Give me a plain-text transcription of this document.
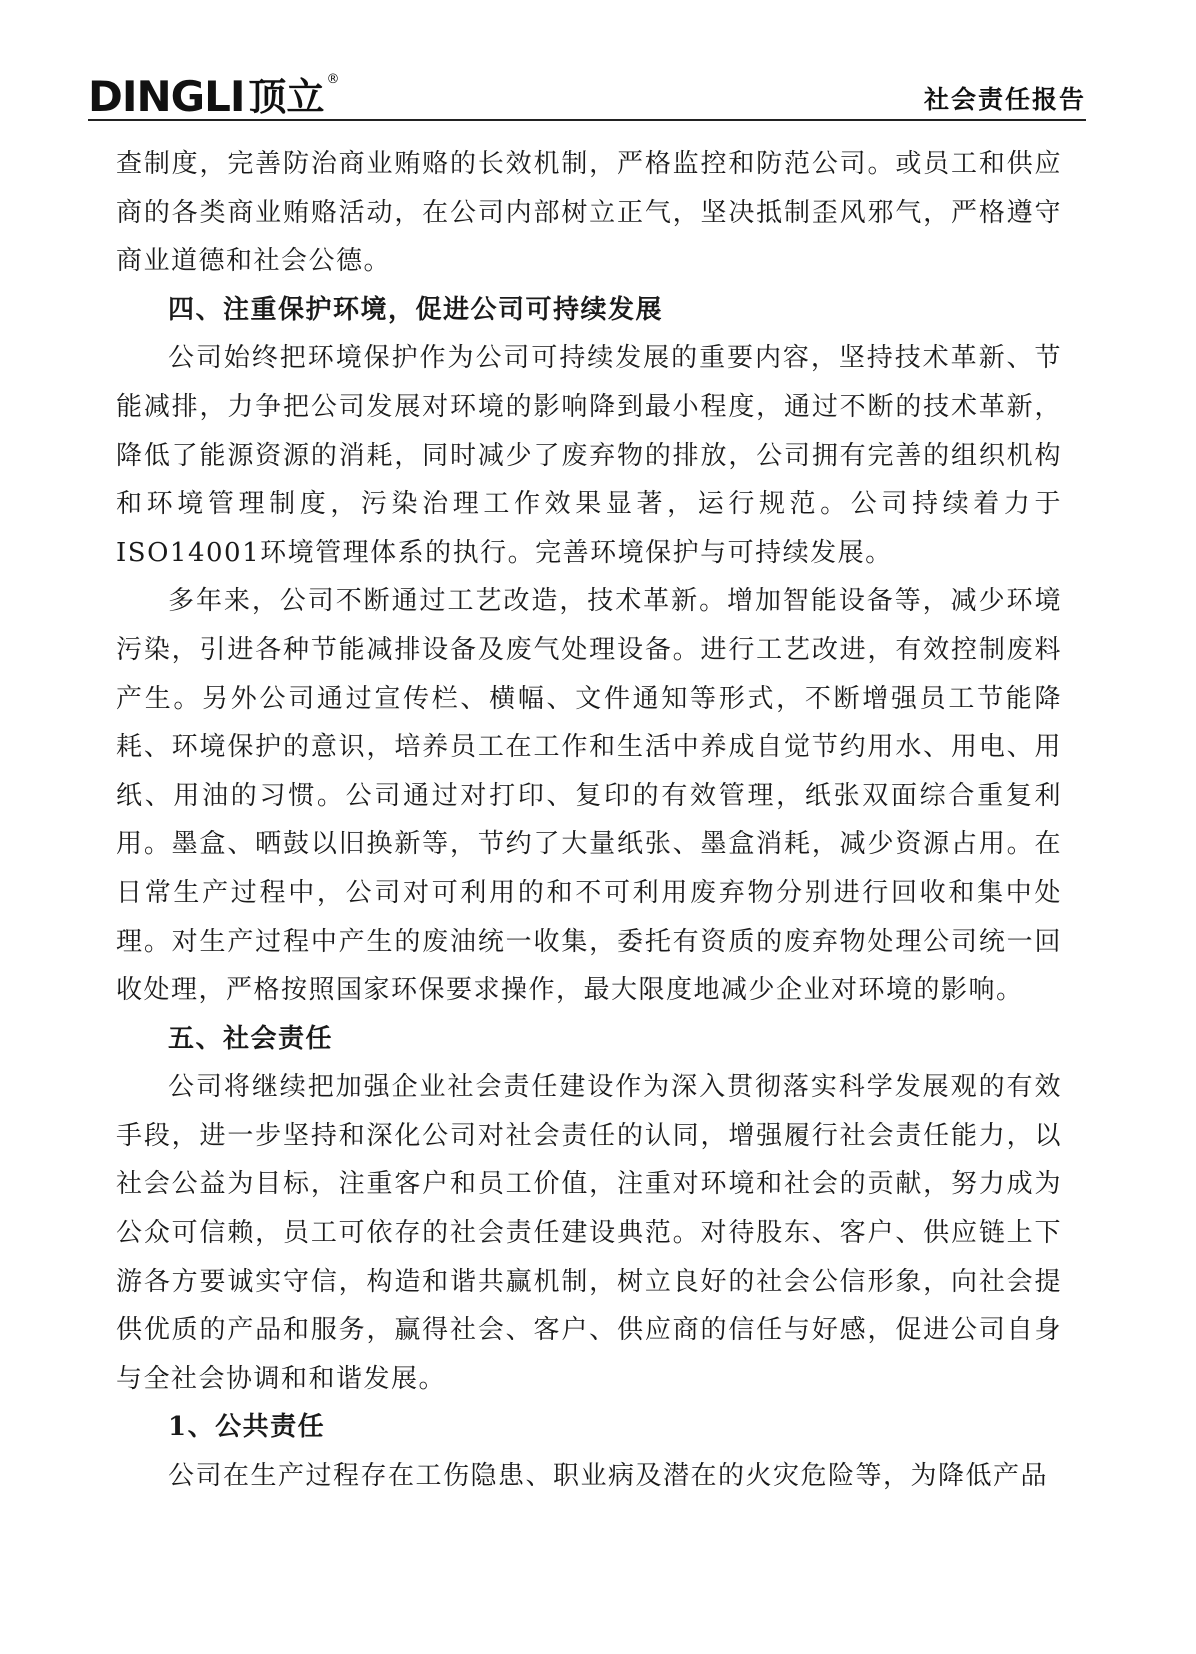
DINGLI 顶立 ®
社会责任报告

查制度，完善防治商业贿赂的长效机制，严格监控和防范公司。或员工和供应商的各类商业贿赂活动，在公司内部树立正气，坚决抵制歪风邪气，严格遵守商业道德和社会公德。

四、注重保护环境，促进公司可持续发展

公司始终把环境保护作为公司可持续发展的重要内容，坚持技术革新、节能减排，力争把公司发展对环境的影响降到最小程度，通过不断的技术革新，降低了能源资源的消耗，同时减少了废弃物的排放，公司拥有完善的组织机构和环境管理制度，污染治理工作效果显著，运行规范。公司持续着力于ISO14001环境管理体系的执行。完善环境保护与可持续发展。

多年来，公司不断通过工艺改造，技术革新。增加智能设备等，减少环境污染，引进各种节能减排设备及废气处理设备。进行工艺改进，有效控制废料产生。另外公司通过宣传栏、横幅、文件通知等形式，不断增强员工节能降耗、环境保护的意识，培养员工在工作和生活中养成自觉节约用水、用电、用纸、用油的习惯。公司通过对打印、复印的有效管理，纸张双面综合重复利用。墨盒、晒鼓以旧换新等，节约了大量纸张、墨盒消耗，减少资源占用。在日常生产过程中，公司对可利用的和不可利用废弃物分别进行回收和集中处理。对生产过程中产生的废油统一收集，委托有资质的废弃物处理公司统一回收处理，严格按照国家环保要求操作，最大限度地减少企业对环境的影响。

五、社会责任

公司将继续把加强企业社会责任建设作为深入贯彻落实科学发展观的有效手段，进一步坚持和深化公司对社会责任的认同，增强履行社会责任能力，以社会公益为目标，注重客户和员工价值，注重对环境和社会的贡献，努力成为公众可信赖，员工可依存的社会责任建设典范。对待股东、客户、供应链上下游各方要诚实守信，构造和谐共赢机制，树立良好的社会公信形象，向社会提供优质的产品和服务，赢得社会、客户、供应商的信任与好感，促进公司自身与全社会协调和和谐发展。

1、公共责任

公司在生产过程存在工伤隐患、职业病及潜在的火灾危险等，为降低产品
